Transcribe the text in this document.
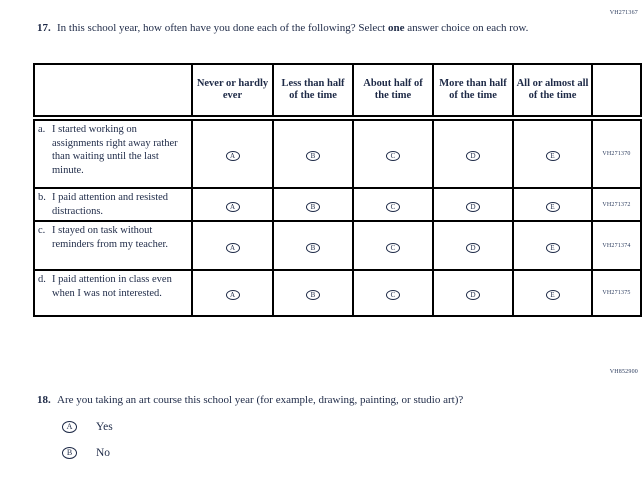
VH271367
17. In this school year, how often have you done each of the following? Select one answer choice on each row.
	Never or hardly ever	Less than half of the time	About half of the time	More than half of the time	All or almost all of the time	

a. I started working on assignments right away rather than waiting until the last minute.	A	B	C	D	E	VH271370

b. I paid attention and resisted distractions.	A	B	C	D	E	VH271372

c. I stayed on task without reminders from my teacher.	A	B	C	D	E	VH271374

d. I paid attention in class even when I was not interested.	A	B	C	D	E	VH271375
VH852900
18. Are you taking an art course this school year (for example, drawing, painting, or studio art)?
A	Yes
B	No
